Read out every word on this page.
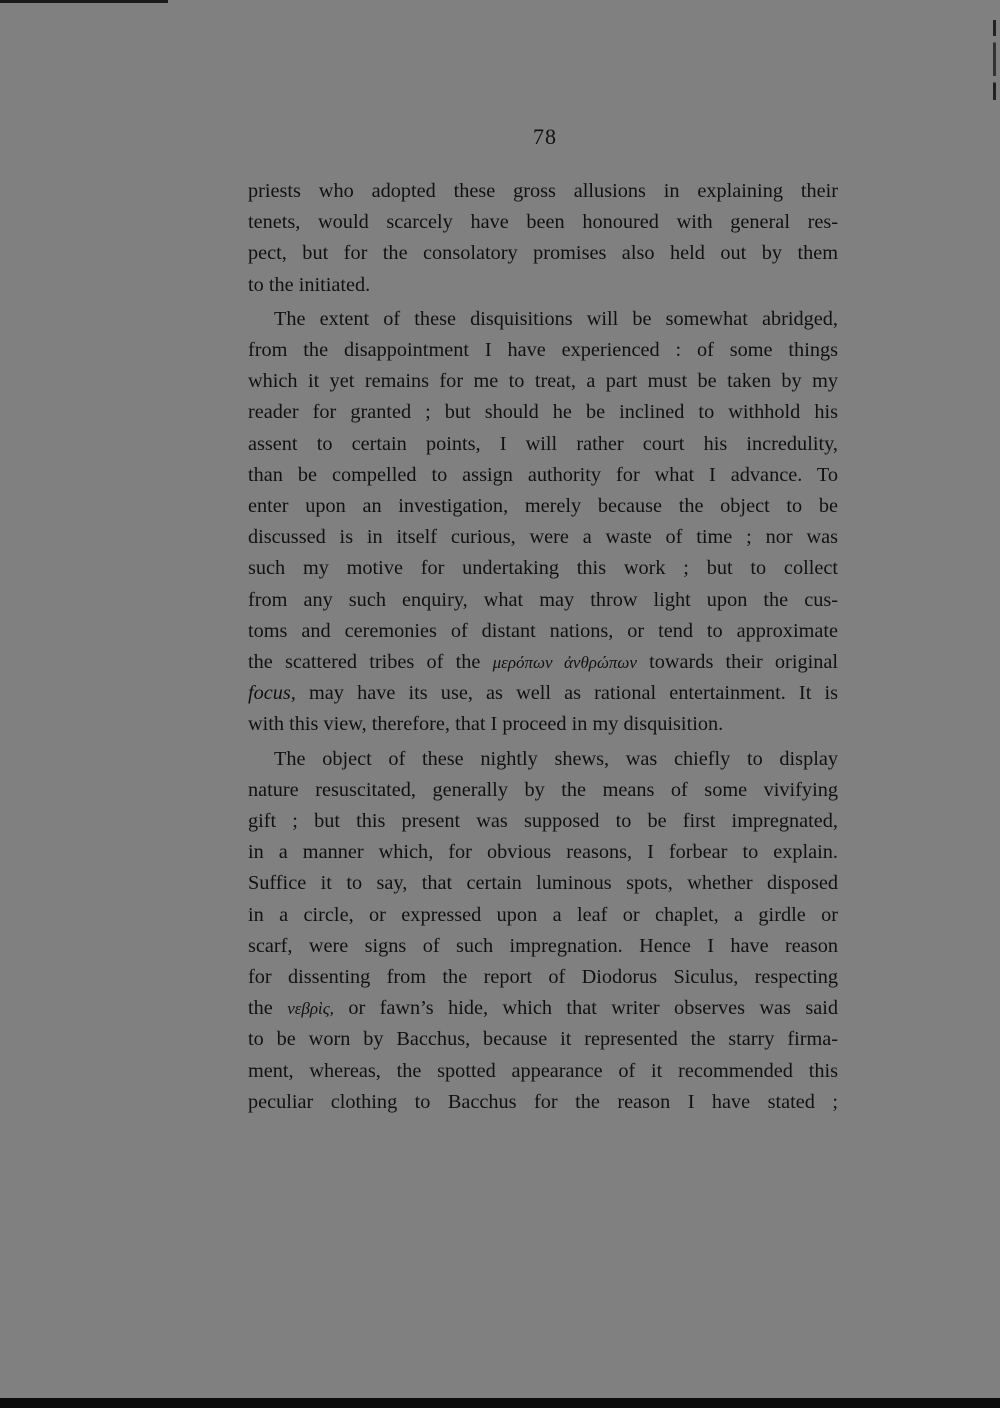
78
priests who adopted these gross allusions in explaining their
tenets, would scarcely have been honoured with general res-
pect, but for the consolatory promises also held out by them
to the initiated.
The extent of these disquisitions will be somewhat abridged,
from the disappointment I have experienced : of some things
which it yet remains for me to treat, a part must be taken by my
reader for granted ; but should he be inclined to withhold his
assent to certain points, I will rather court his incredulity,
than be compelled to assign authority for what I advance. To
enter upon an investigation, merely because the object to be
discussed is in itself curious, were a waste of time ; nor was
such my motive for undertaking this work ; but to collect
from any such enquiry, what may throw light upon the cus-
toms and ceremonies of distant nations, or tend to approximate
the scattered tribes of the μερόπων ἀνθρώπων towards their original
focus, may have its use, as well as rational entertainment. It is
with this view, therefore, that I proceed in my disquisition.
The object of these nightly shews, was chiefly to display
nature resuscitated, generally by the means of some vivifying
gift ; but this present was supposed to be first impregnated,
in a manner which, for obvious reasons, I forbear to explain.
Suffice it to say, that certain luminous spots, whether disposed
in a circle, or expressed upon a leaf or chaplet, a girdle or
scarf, were signs of such impregnation. Hence I have reason
for dissenting from the report of Diodorus Siculus, respecting
the νεβρὶς, or fawn’s hide, which that writer observes was said
to be worn by Bacchus, because it represented the starry firma-
ment, whereas, the spotted appearance of it recommended this
peculiar clothing to Bacchus for the reason I have stated ;
